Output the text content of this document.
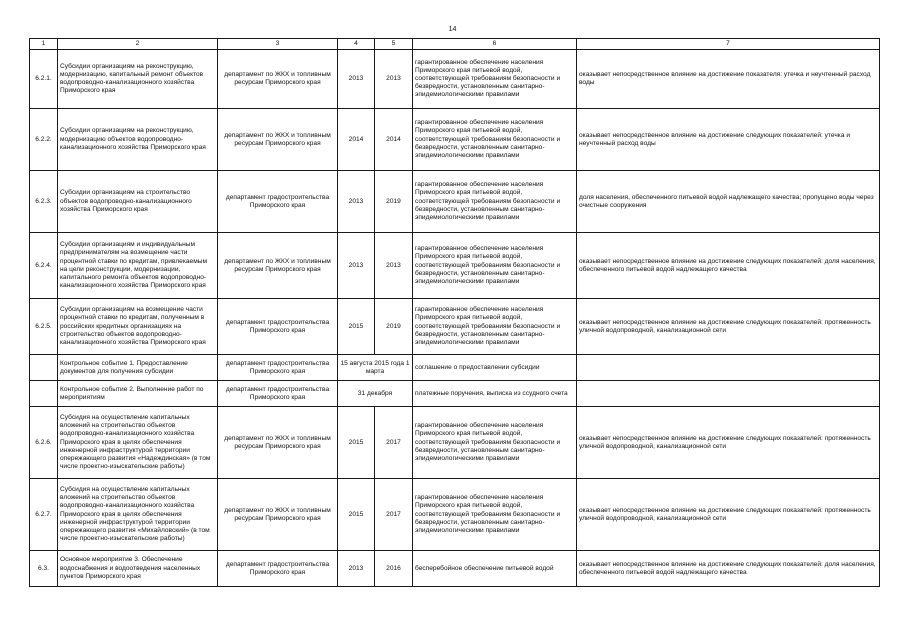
14
1	2	3	4	5	6	7
6.2.1.	Субсидии организациям на реконструкцию, модернизацию, капитальный ремонт объектов водопроводно-канализационного хозяйства Приморского края	департамент по ЖКХ и топливным ресурсам Приморского края	2013	2013	гарантированное обеспечение населения Приморского края питьевой водой, соответствующей требованиям безопасности и безвредности, установленным санитарно-эпидемиологическими правилами	оказывает непосредственное влияние на достижение показателя: утечка и неучтенный расход воды
6.2.2.	Субсидии организациям на реконструкцию, модернизацию объектов водопроводно-канализационного хозяйства Приморского края	департамент по ЖКХ и топливным ресурсам Приморского края	2014	2014	гарантированное обеспечение населения Приморского края питьевой водой, соответствующей требованиям безопасности и безвредности, установленным санитарно-эпидемиологическими правилами	оказывает непосредственное влияние на достижение следующих показателей: утечка и неучтенный расход воды
6.2.3.	Субсидии организациям на строительство объектов водопроводно-канализационного хозяйства Приморского края	департамент градостроительства Приморского края	2013	2019	гарантированное обеспечение населения Приморского края питьевой водой, соответствующей требованиям безопасности и безвредности, установленным санитарно-эпидемиологическими правилами	доля населения, обеспеченного питьевой водой надлежащего качества; пропущено воды через очистные сооружения
6.2.4.	Субсидии организациям и индивидуальным предпринимателям на возмещение части процентной ставки по кредитам, привлекаемым на цели реконструкции, модернизации, капитального ремонта объектов водопроводно-канализационного хозяйства Приморского края	департамент по ЖКХ и топливным ресурсам Приморского края	2013	2013	гарантированное обеспечение населения Приморского края питьевой водой, соответствующей требованиям безопасности и безвредности, установленным санитарно-эпидемиологическими правилами	оказывает непосредственное влияние на достижение следующих показателей: доля населения, обеспеченного питьевой водой надлежащего качества
6.2.5.	Субсидии организациям на возмещение части процентной ставки по кредитам, полученным в российских кредитных организациях на строительство объектов водопроводно-канализационного хозяйства Приморского края	департамент градостроительства Приморского края	2015	2019	гарантированное обеспечение населения Приморского края питьевой водой, соответствующей требованиям безопасности и безвредности, установленным санитарно-эпидемиологическими правилами	оказывает непосредственное влияние на достижение следующих показателей: протяженность уличной водопроводной, канализационной сети
	Контрольное событие 1. Предоставление документов для получения субсидии	департамент градостроительства Приморского края	15 августа 2015 года 1 марта		соглашение о предоставлении субсидии	
	Контрольное событие 2. Выполнение работ по мероприятиям	департамент градостроительства Приморского края	31 декабря		платежные поручения, выписка из ссудного счета	
6.2.6.	Субсидия на осуществление капитальных вложений на строительство объектов водопроводно-канализационного хозяйства Приморского края в целях обеспечения инженерной инфраструктурой территории опережающего развития «Надеждинская» (в том числе проектно-изыскательские работы)	департамент по ЖКХ и топливным ресурсам Приморского края	2015	2017	гарантированное обеспечение населения Приморского края питьевой водой, соответствующей требованиям безопасности и безвредности, установленным санитарно-эпидемиологическими правилами	оказывает непосредственное влияние на достижение следующих показателей: протяженность уличной водопроводной, канализационной сети
6.2.7.	Субсидия на осуществление капитальных вложений на строительство объектов водопроводно-канализационного хозяйства Приморского края в целях обеспечения инженерной инфраструктурой территории опережающего развития «Михайловский» (в том числе проектно-изыскательские работы)	департамент по ЖКХ и топливным ресурсам Приморского края	2015	2017	гарантированное обеспечение населения Приморского края питьевой водой, соответствующей требованиям безопасности и безвредности, установленным санитарно-эпидемиологическими правилами	оказывает непосредственное влияние на достижение следующих показателей: протяженность уличной водопроводной, канализационной сети
6.3.	Основное мероприятие 3. Обеспечение водоснабжения и водоотведения населенных пунктов Приморского края	департамент градостроительства Приморского края	2013	2016	бесперебойное обеспечение питьевой водой	оказывает непосредственное влияние на достижение следующих показателей: доля населения, обеспеченного питьевой водой надлежащего качества
